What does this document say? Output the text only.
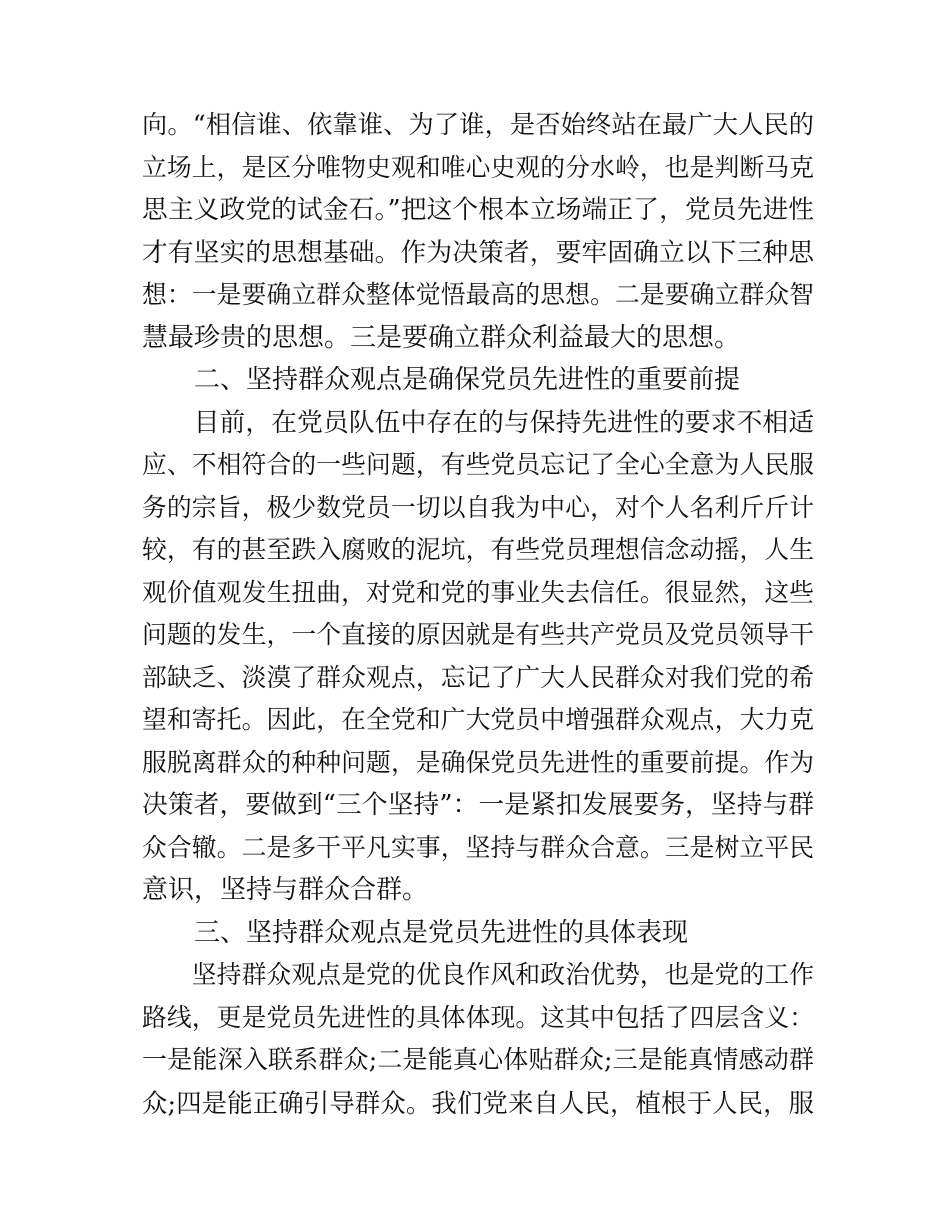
向。“相信谁、依靠谁、为了谁，是否始终站在最广大人民的
立场上，是区分唯物史观和唯心史观的分水岭，也是判断马克
思主义政党的试金石。”把这个根本立场端正了，党员先进性
才有坚实的思想基础。作为决策者，要牢固确立以下三种思
想：一是要确立群众整体觉悟最高的思想。二是要确立群众智
慧最珍贵的思想。三是要确立群众利益最大的思想。
　　二、坚持群众观点是确保党员先进性的重要前提
　　目前，在党员队伍中存在的与保持先进性的要求不相适
应、不相符合的一些问题，有些党员忘记了全心全意为人民服
务的宗旨，极少数党员一切以自我为中心，对个人名利斤斤计
较，有的甚至跌入腐败的泥坑，有些党员理想信念动摇，人生
观价值观发生扭曲，对党和党的事业失去信任。很显然，这些
问题的发生，一个直接的原因就是有些共产党员及党员领导干
部缺乏、淡漠了群众观点，忘记了广大人民群众对我们党的希
望和寄托。因此，在全党和广大党员中增强群众观点，大力克
服脱离群众的种种问题，是确保党员先进性的重要前提。作为
决策者，要做到“三个坚持”：一是紧扣发展要务，坚持与群
众合辙。二是多干平凡实事，坚持与群众合意。三是树立平民
意识，坚持与群众合群。
　　三、坚持群众观点是党员先进性的具体表现
　　坚持群众观点是党的优良作风和政治优势，也是党的工作
路线，更是党员先进性的具体体现。这其中包括了四层含义：
一是能深入联系群众;二是能真心体贴群众;三是能真情感动群
众;四是能正确引导群众。我们党来自人民，植根于人民，服
